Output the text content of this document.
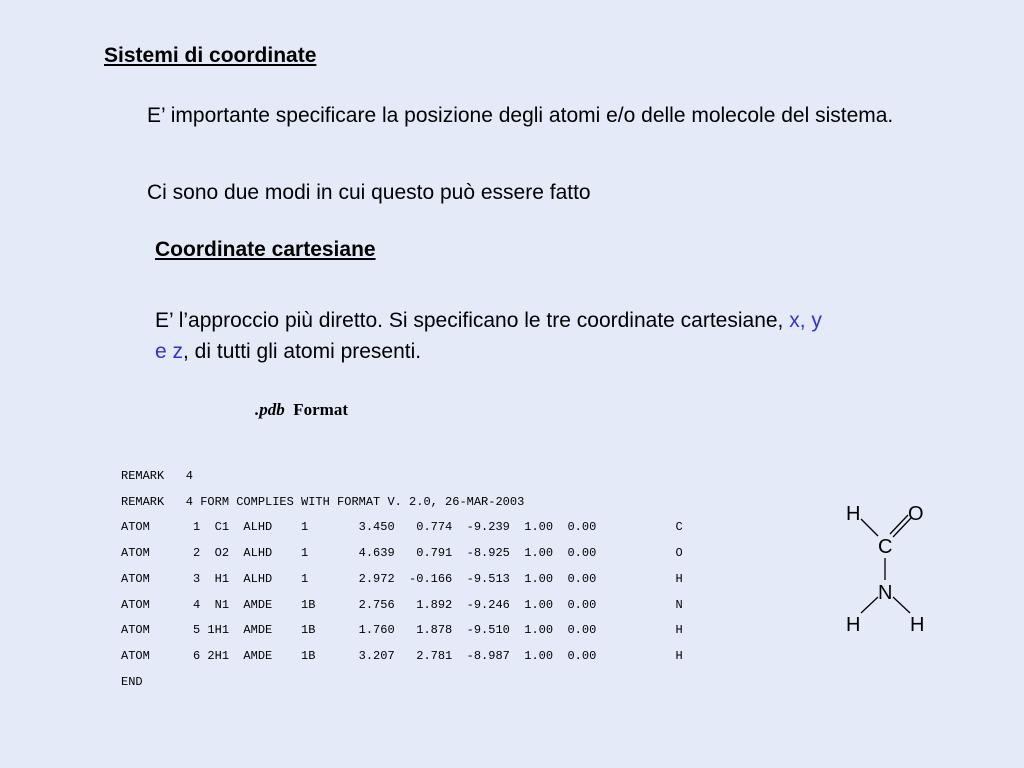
Sistemi di coordinate
E’ importante specificare la posizione degli atomi e/o delle molecole del sistema.
Ci sono due modi in cui questo può essere fatto
Coordinate cartesiane
E’ l’approccio più diretto. Si specificano le tre coordinate cartesiane, x, y e z, di tutti gli atomi presenti.
.pdb Format
REMARK   4
REMARK   4 FORM COMPLIES WITH FORMAT V. 2.0, 26-MAR-2003
ATOM      1  C1  ALHD    1       3.450   0.774  -9.239  1.00  0.00           C
ATOM      2  O2  ALHD    1       4.639   0.791  -8.925  1.00  0.00           O
ATOM      3  H1  ALHD    1       2.972  -0.166  -9.513  1.00  0.00           H
ATOM      4  N1  AMDE    1B      2.756   1.892  -9.246  1.00  0.00           N
ATOM      5 1H1  AMDE    1B      1.760   1.878  -9.510  1.00  0.00           H
ATOM      6 2H1  AMDE    1B      3.207   2.781  -8.987  1.00  0.00           H
END
H O
C
N
H H
